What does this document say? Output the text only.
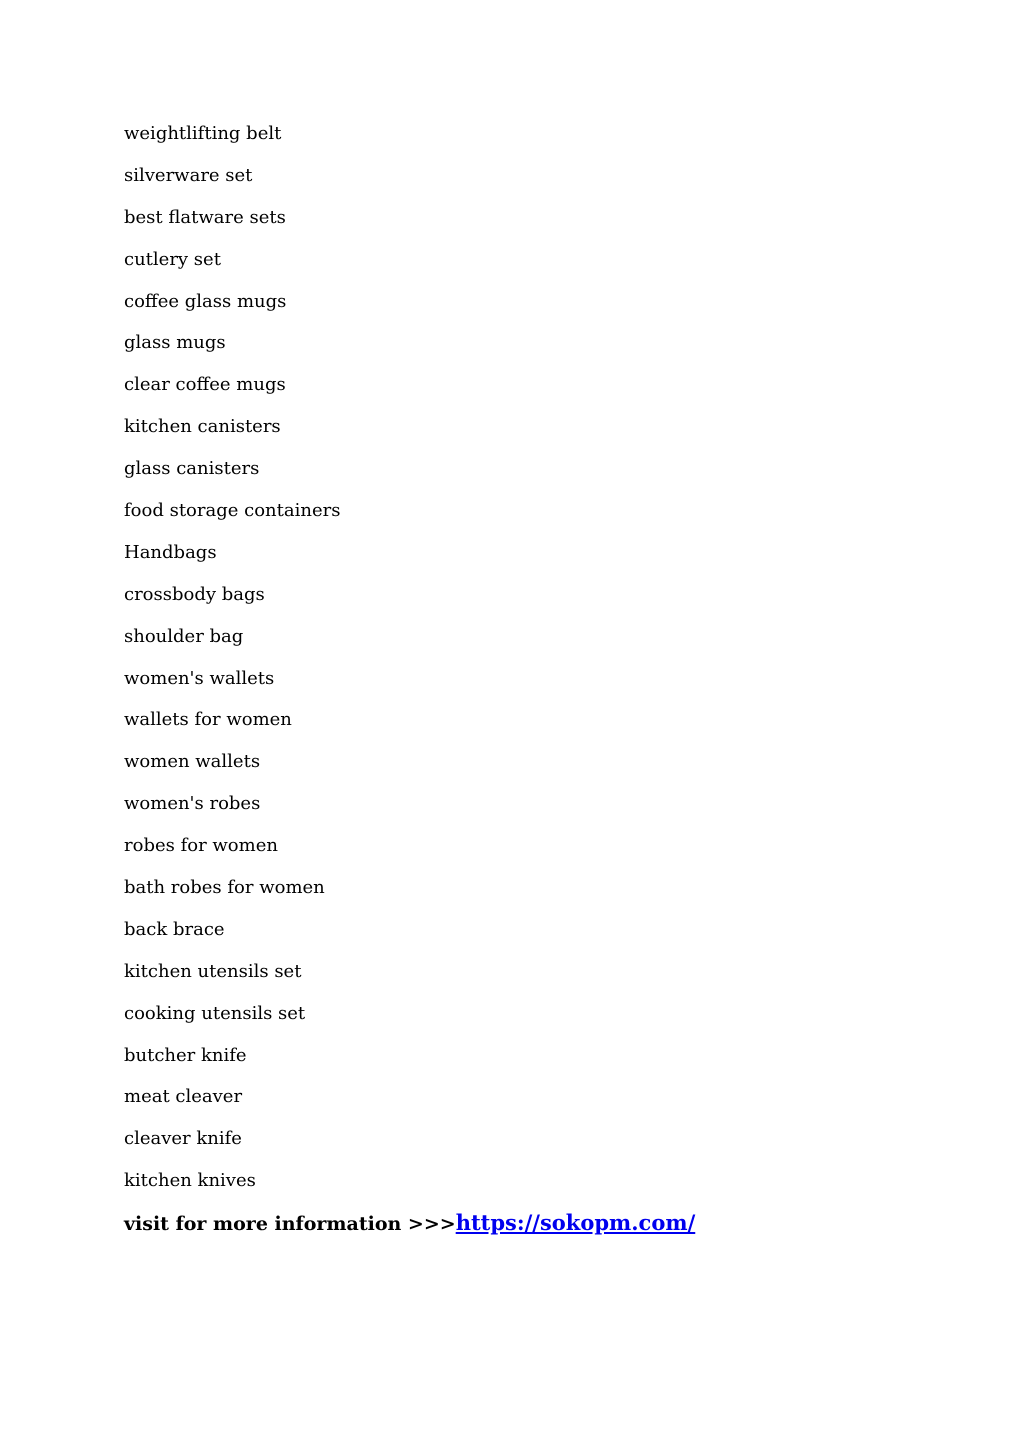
weightlifting belt
silverware set
best flatware sets
cutlery set
coffee glass mugs
glass mugs
clear coffee mugs
kitchen canisters
glass canisters
food storage containers
Handbags
crossbody bags
shoulder bag
women's wallets
wallets for women
women wallets
women's robes
robes for women
bath robes for women
back brace
kitchen utensils set
cooking utensils set
butcher knife
meat cleaver
cleaver knife
kitchen knives
visit for more information >>>https://sokopm.com/
